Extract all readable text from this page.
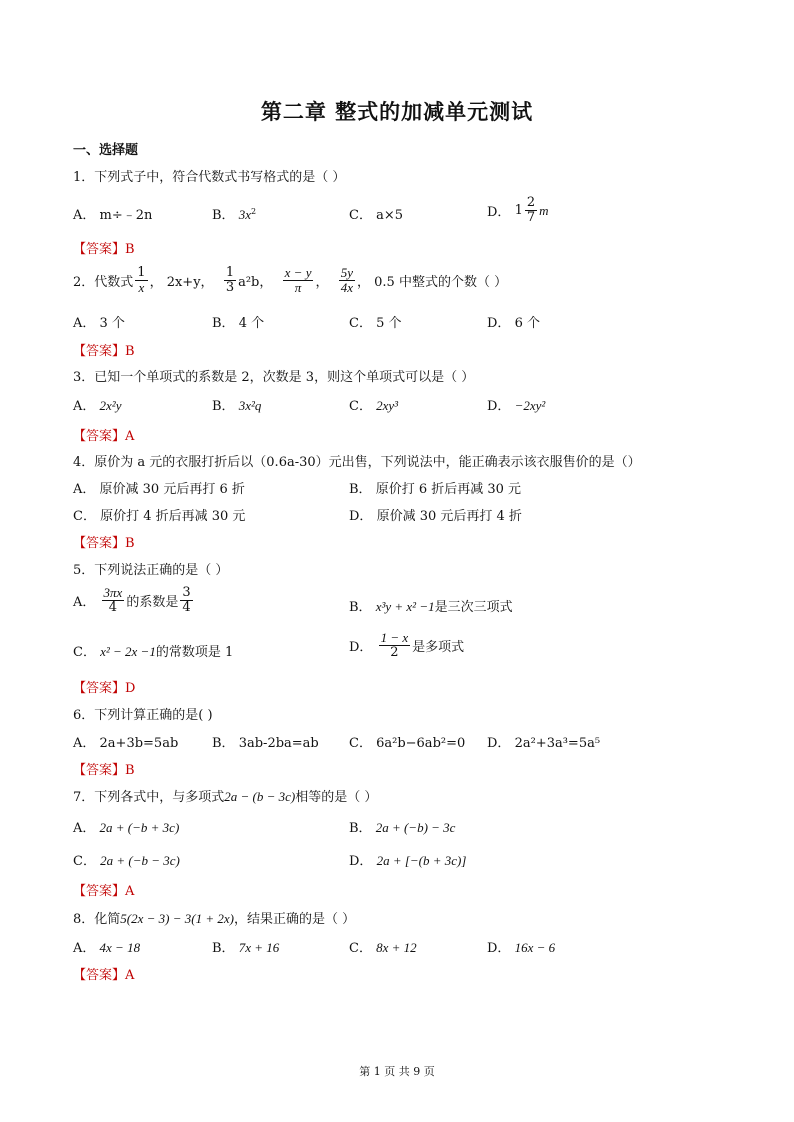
第二章 整式的加减单元测试
一、选择题
1．下列式子中，符合代数式书写格式的是（ ）
A． m÷﹣2n	B． $3x^2$	C． a×5	D．
$1 \frac{2}{7}$ m
【答案】B
2．代数式 $\frac{1}{x}$ ， 2x+y，
$\frac{1}{3} a^2b$，
$\frac{x - y}{\pi}$ ， $\frac{5y}{4x}$ ， 0.5 中整式的个数（ ）
A． 3 个	B． 4 个	C． 5 个	D． 6 个
【答案】B
3．已知一个单项式的系数是 2，次数是 3，则这个单项式可以是（ ）
A． 2x²y	B． 3x²q	C． 2xy³	D． −2xy²
【答案】A
4．原价为 a 元的衣服打折后以（0.6a-30）元出售，下列说法中，能正确表示该衣服售价的是（）
A． 原价减 30 元后再打 6 折	B． 原价打 6 折后再减 30 元
C． 原价打 4 折后再减 30 元	D． 原价减 30 元后再打 4 折
【答案】B
5．下列说法正确的是（ ）
A．
$\frac{3\pi x}{4}$ 的系数是 $\frac{3}{4}$	B． x³y + x² −1是三次三项式
C． x² − 2x −1的常数项是 1	D．
$\frac{1 - x}{2}$ 是多项式
【答案】D
6．下列计算正确的是( )
A． 2a+3b=5ab	B． 3ab-2ba=ab C． 6a²b−6ab²=0 D． 2a²+3a³=5a⁵
【答案】B
7．下列各式中，与多项式2a − (b − 3c)相等的是（ ）
A． 2a + (−b + 3c)	B． 2a + (−b) − 3c
C． 2a + (−b − 3c)	D． 2a + [−(b + 3c)]
【答案】A
8．化简5(2x − 3) − 3(1 + 2x)，结果正确的是（ ）
A． 4x − 18	B． 7x + 16	C． 8x + 12	D． 16x − 6
【答案】A
第 1 页 共 9 页
